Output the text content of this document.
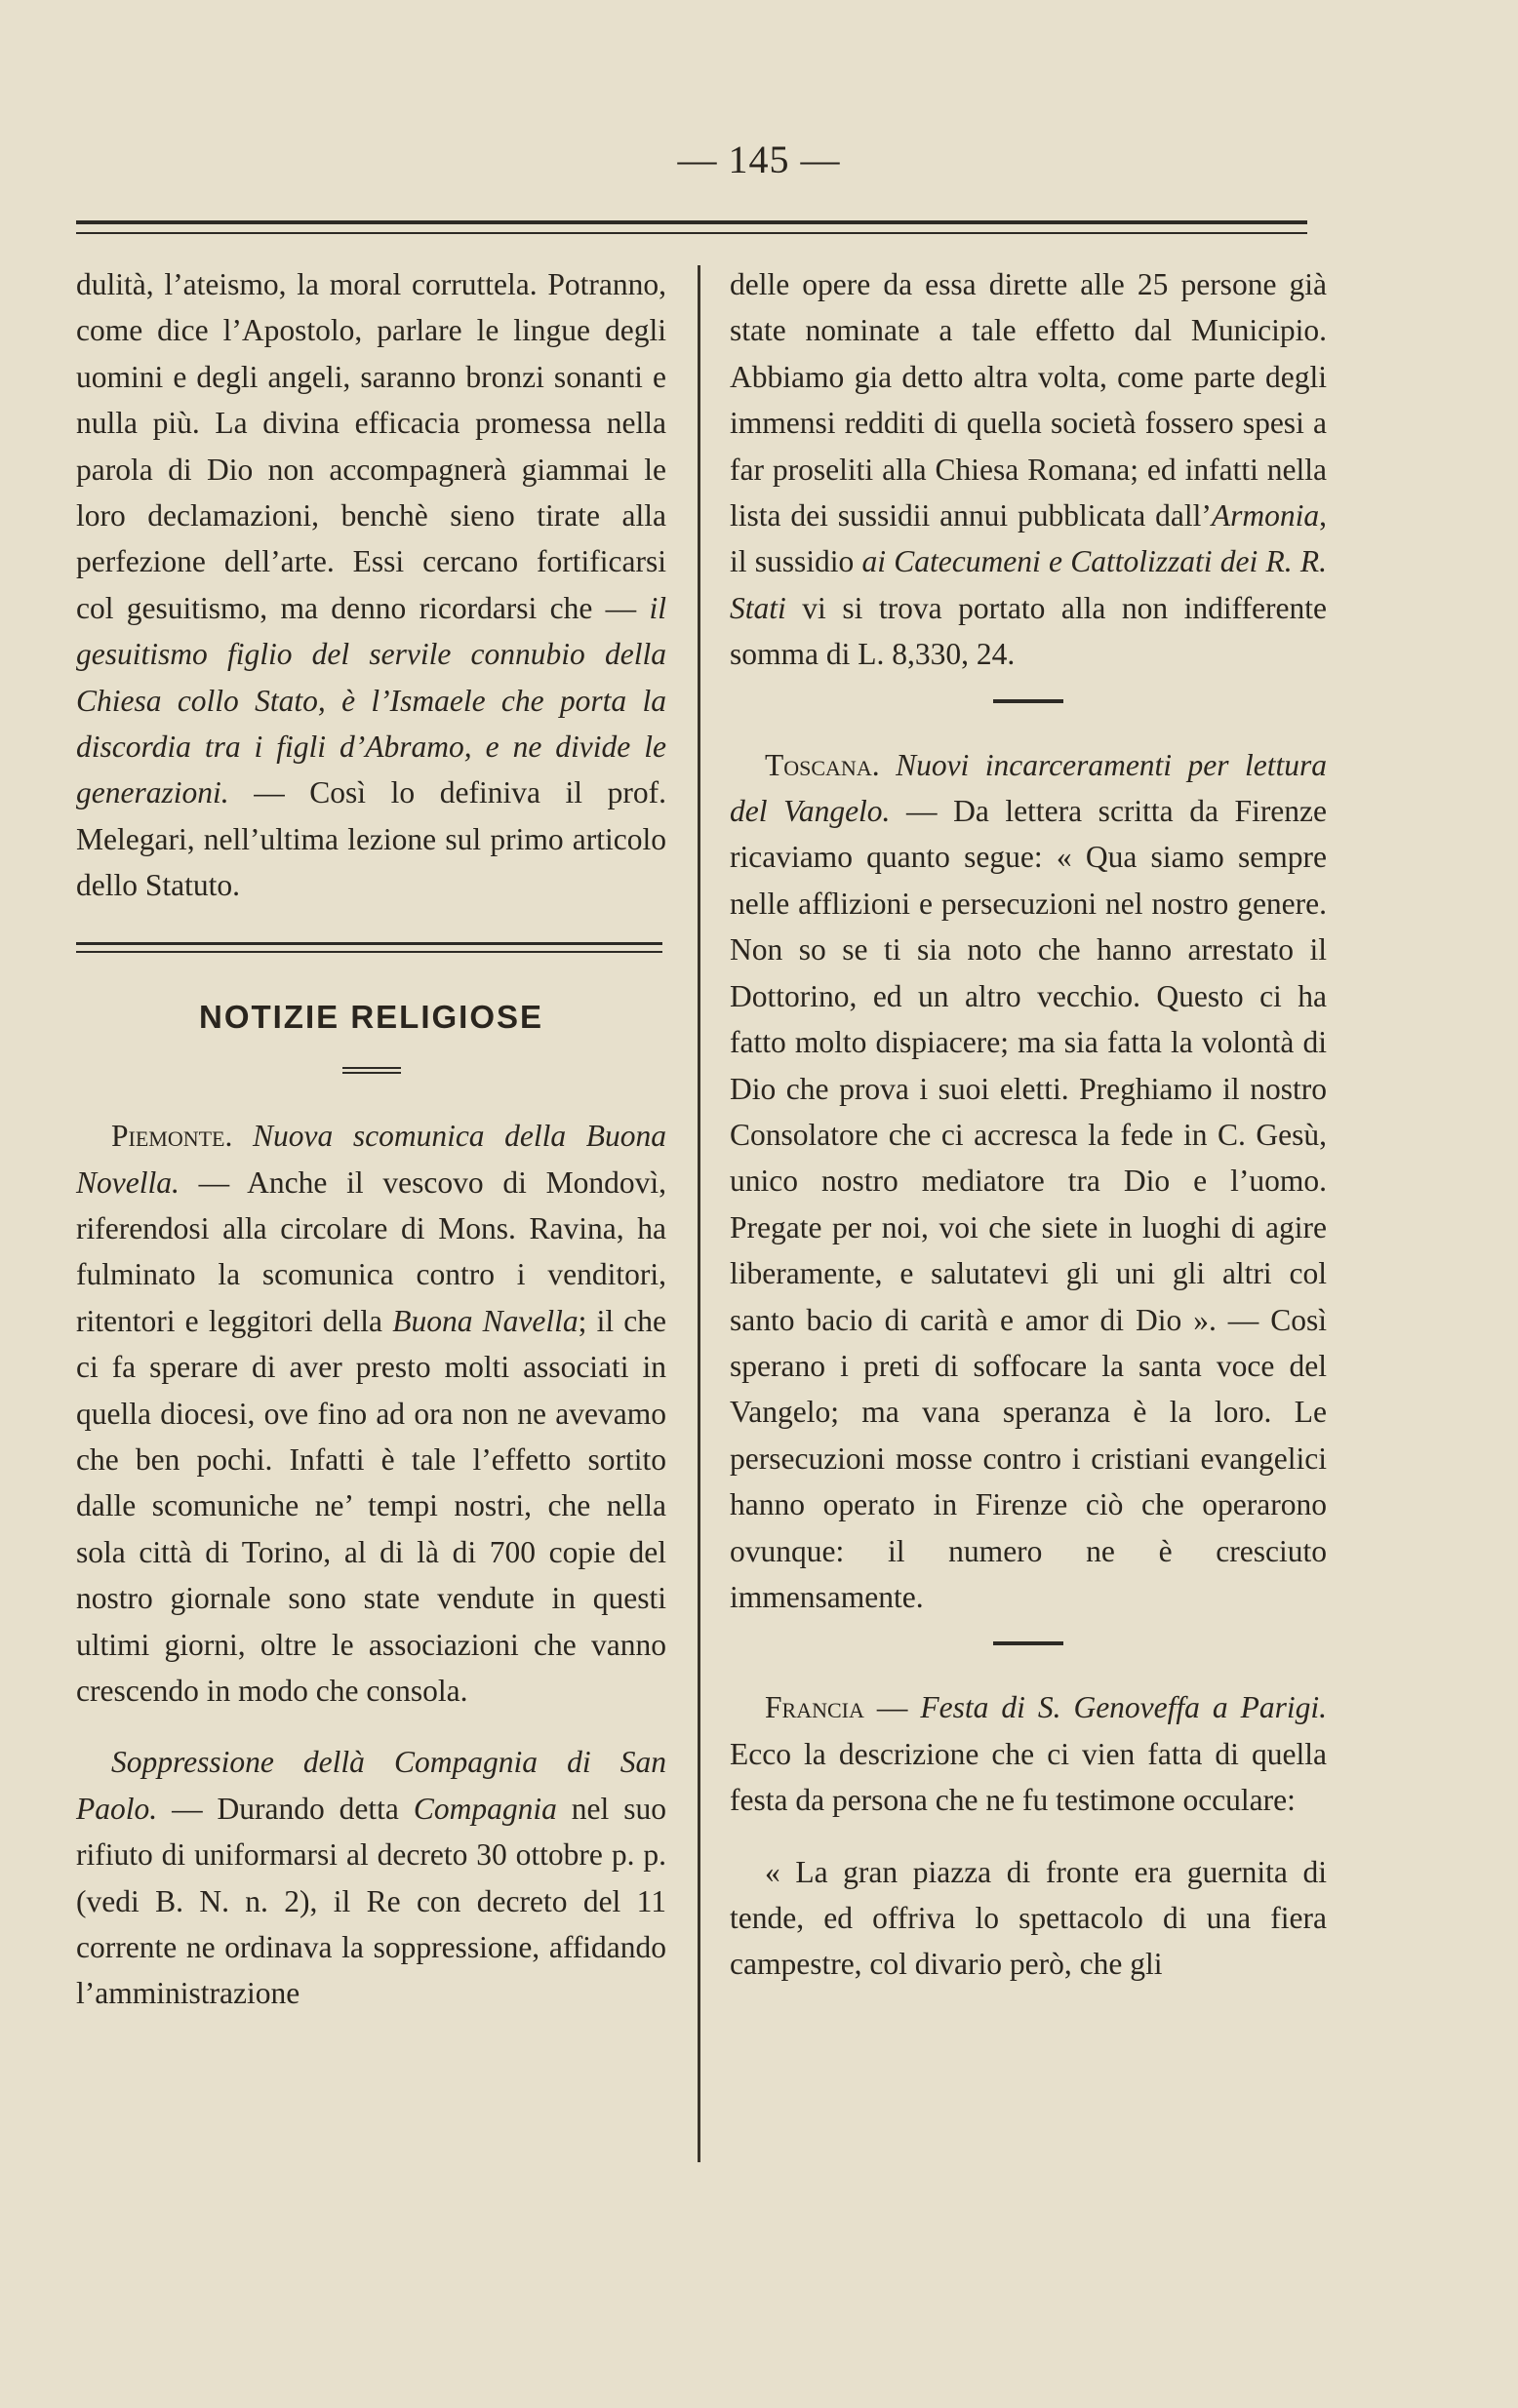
— 145 —

dulità, l’ateismo, la moral corruttela. Potranno, come dice l’Apostolo, parlare le lingue degli uomini e degli angeli, saranno bronzi sonanti e nulla più. La divina efficacia promessa nella parola di Dio non accompagnerà giammai le loro declamazioni, benchè sieno tirate alla perfezione dell’arte. Essi cercano fortificarsi col gesuitismo, ma denno ricordarsi che — il gesuitismo figlio del servile connubio della Chiesa collo Stato, è l’Ismaele che porta la discordia tra i figli d’Abramo, e ne divide le generazioni. — Così lo definiva il prof. Melegari, nell’ultima lezione sul primo articolo dello Statuto.

NOTIZIE RELIGIOSE

Piemonte. Nuova scomunica della Buona Novella. — Anche il vescovo di Mondovì, riferendosi alla circolare di Mons. Ravina, ha fulminato la scomunica contro i venditori, ritentori e leggitori della Buona Navella; il che ci fa sperare di aver presto molti associati in quella diocesi, ove fino ad ora non ne avevamo che ben pochi. Infatti è tale l’effetto sortito dalle scomuniche ne’ tempi nostri, che nella sola città di Torino, al di là di 700 copie del nostro giornale sono state vendute in questi ultimi giorni, oltre le associazioni che vanno crescendo in modo che consola.

Soppressione dellà Compagnia di San Paolo. — Durando detta Compagnia nel suo rifiuto di uniformarsi al decreto 30 ottobre p. p. (vedi B. N. n. 2), il Re con decreto del 11 corrente ne ordinava la soppressione, affidando l’amministrazione

delle opere da essa dirette alle 25 persone già state nominate a tale effetto dal Municipio. Abbiamo gia detto altra volta, come parte degli immensi redditi di quella società fossero spesi a far proseliti alla Chiesa Romana; ed infatti nella lista dei sussidii annui pubblicata dall’Armonia, il sussidio ai Catecumeni e Cattolizzati dei R. R. Stati vi si trova portato alla non indifferente somma di L. 8,330, 24.

Toscana. Nuovi incarceramenti per lettura del Vangelo. — Da lettera scritta da Firenze ricaviamo quanto segue: « Qua siamo sempre nelle afflizioni e persecuzioni nel nostro genere. Non so se ti sia noto che hanno arrestato il Dottorino, ed un altro vecchio. Questo ci ha fatto molto dispiacere; ma sia fatta la volontà di Dio che prova i suoi eletti. Preghiamo il nostro Consolatore che ci accresca la fede in C. Gesù, unico nostro mediatore tra Dio e l’uomo. Pregate per noi, voi che siete in luoghi di agire liberamente, e salutatevi gli uni gli altri col santo bacio di carità e amor di Dio ». — Così sperano i preti di soffocare la santa voce del Vangelo; ma vana speranza è la loro. Le persecuzioni mosse contro i cristiani evangelici hanno operato in Firenze ciò che operarono ovunque: il numero ne è cresciuto immensamente.

Francia — Festa di S. Genoveffa a Parigi. Ecco la descrizione che ci vien fatta di quella festa da persona che ne fu testimone occulare:

« La gran piazza di fronte era guernita di tende, ed offriva lo spettacolo di una fiera campestre, col divario però, che gli
